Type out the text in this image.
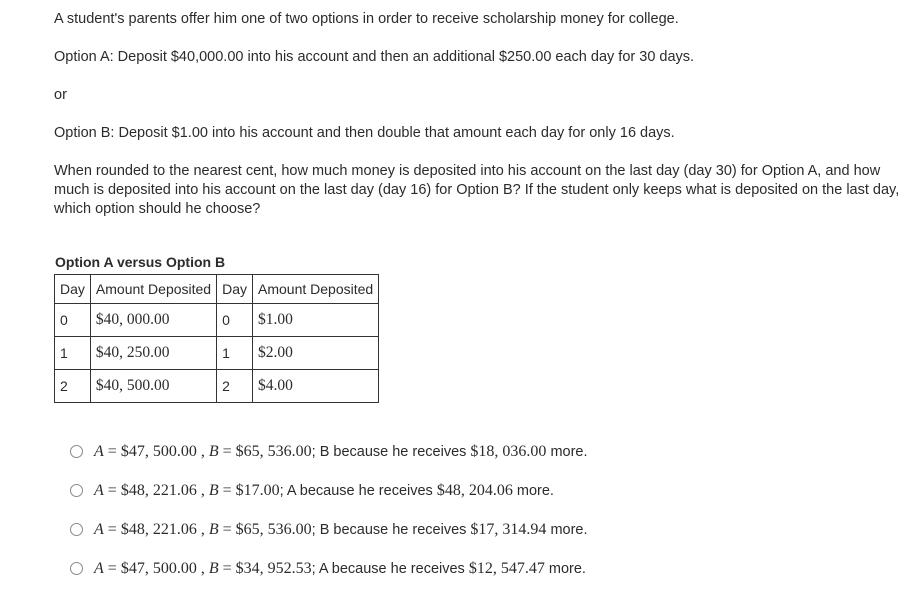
A student's parents offer him one of two options in order to receive scholarship money for college.

Option A: Deposit $40,000.00 into his account and then an additional $250.00 each day for 30 days.

or

Option B: Deposit $1.00 into his account and then double that amount each day for only 16 days.

When rounded to the nearest cent, how much money is deposited into his account on the last day (day 30) for Option A, and how much is deposited into his account on the last day (day 16) for Option B? If the student only keeps what is deposited on the last day, which option should he choose?

Option A versus Option B
Day	Amount Deposited	Day	Amount Deposited
0	$40, 000.00	0	$1.00
1	$40, 250.00	1	$2.00
2	$40, 500.00	2	$4.00
A = $47, 500.00 , B = $65, 536.00; B because he receives $18, 036.00 more.
A = $48, 221.06 , B = $17.00; A because he receives $48, 204.06 more.
A = $48, 221.06 , B = $65, 536.00; B because he receives $17, 314.94 more.
A = $47, 500.00 , B = $34, 952.53; A because he receives $12, 547.47 more.
